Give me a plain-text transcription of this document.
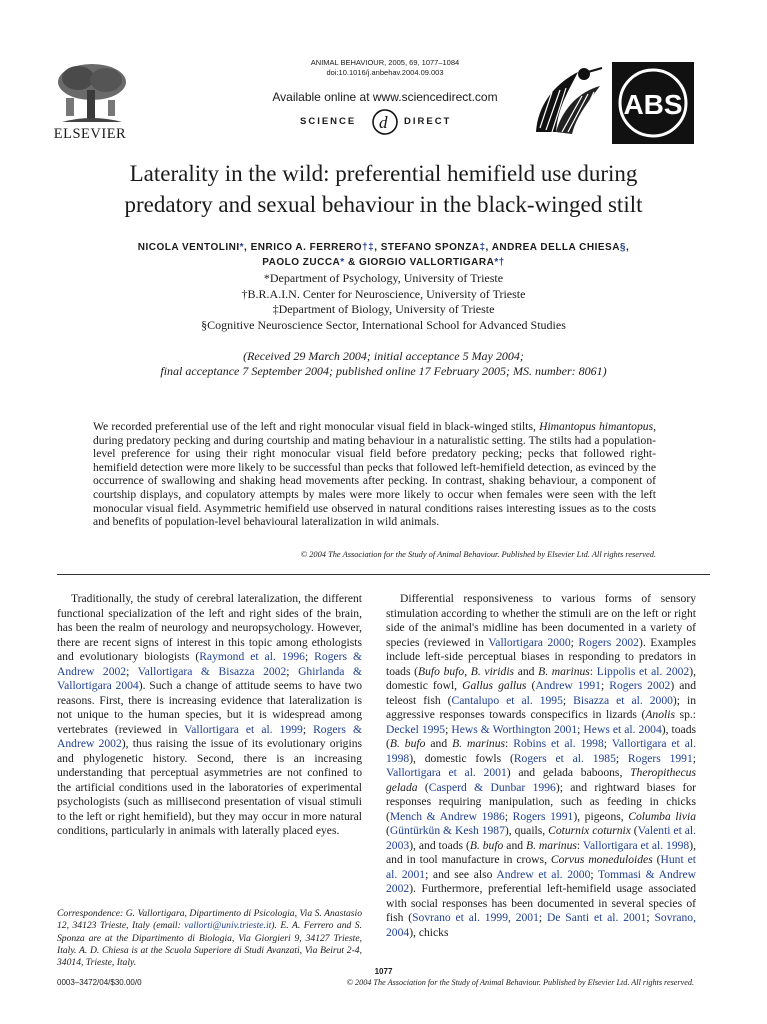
ELSEVIER
ANIMAL BEHAVIOUR, 2005, 69, 1077–1084
doi:10.1016/j.anbehav.2004.09.003
Available online at www.sciencedirect.com
SCIENCE d DIRECT
ABS
Laterality in the wild: preferential hemifield use during
predatory and sexual behaviour in the black-winged stilt
NICOLA VENTOLINI*, ENRICO A. FERRERO†‡, STEFANO SPONZA‡, ANDREA DELLA CHIESA§,
PAOLO ZUCCA* & GIORGIO VALLORTIGARA*†
*Department of Psychology, University of Trieste
†B.R.A.I.N. Center for Neuroscience, University of Trieste
‡Department of Biology, University of Trieste
§Cognitive Neuroscience Sector, International School for Advanced Studies
(Received 29 March 2004; initial acceptance 5 May 2004;
final acceptance 7 September 2004; published online 17 February 2005; MS. number: 8061)
We recorded preferential use of the left and right monocular visual field in black-winged stilts, Himantopus himantopus, during predatory pecking and during courtship and mating behaviour in a naturalistic setting. The stilts had a population-level preference for using their right monocular visual field before predatory pecking; pecks that followed right-hemifield detection were more likely to be successful than pecks that followed left-hemifield detection, as evinced by the occurrence of swallowing and shaking head movements after pecking. In contrast, shaking behaviour, a component of courtship displays, and copulatory attempts by males were more likely to occur when females were seen with the left monocular visual field. Asymmetric hemifield use observed in natural conditions raises interesting issues as to the costs and benefits of population-level behavioural lateralization in wild animals.
© 2004 The Association for the Study of Animal Behaviour. Published by Elsevier Ltd. All rights reserved.

Traditionally, the study of cerebral lateralization, the different functional specialization of the left and right sides of the brain, has been the realm of neurology and neuropsychology. However, there are recent signs of interest in this topic among ethologists and evolutionary biologists (Raymond et al. 1996; Rogers & Andrew 2002; Vallortigara & Bisazza 2002; Ghirlanda & Vallortigara 2004). Such a change of attitude seems to have two reasons. First, there is increasing evidence that lateralization is not unique to the human species, but it is widespread among vertebrates (reviewed in Vallortigara et al. 1999; Rogers & Andrew 2002), thus raising the issue of its evolutionary origins and phylogenetic history. Second, there is an increasing understanding that perceptual asymmetries are not confined to the artificial conditions used in the laboratories of experimental psychologists (such as millisecond presentation of visual stimuli to the left or right hemifield), but they may occur in more natural conditions, particularly in animals with laterally placed eyes.

Correspondence: G. Vallortigara, Dipartimento di Psicologia, Via S. Anastasio 12, 34123 Trieste, Italy (email: vallorti@univ.trieste.it). E. A. Ferrero and S. Sponza are at the Dipartimento di Biologia, Via Giorgieri 9, 34127 Trieste, Italy. A. D. Chiesa is at the Scuola Superiore di Studi Avanzati, Via Beirut 2-4, 34014, Trieste, Italy.

Differential responsiveness to various forms of sensory stimulation according to whether the stimuli are on the left or right side of the animal's midline has been documented in a variety of species (reviewed in Vallortigara 2000; Rogers 2002). Examples include left-side perceptual biases in responding to predators in toads (Bufo bufo, B. viridis and B. marinus: Lippolis et al. 2002), domestic fowl, Gallus gallus (Andrew 1991; Rogers 2002) and teleost fish (Cantalupo et al. 1995; Bisazza et al. 2000); in aggressive responses towards conspecifics in lizards (Anolis sp.: Deckel 1995; Hews & Worthington 2001; Hews et al. 2004), toads (B. bufo and B. marinus: Robins et al. 1998; Vallortigara et al. 1998), domestic fowls (Rogers et al. 1985; Rogers 1991; Vallortigara et al. 2001) and gelada baboons, Theropithecus gelada (Casperd & Dunbar 1996); and rightward biases for responses requiring manipulation, such as feeding in chicks (Mench & Andrew 1986; Rogers 1991), pigeons, Columba livia (Güntürkün & Kesh 1987), quails, Coturnix coturnix (Valenti et al. 2003), and toads (B. bufo and B. marinus: Vallortigara et al. 1998), and in tool manufacture in crows, Corvus moneduloides (Hunt et al. 2001; and see also Andrew et al. 2000; Tommasi & Andrew 2002). Furthermore, preferential left-hemifield usage associated with social responses has been documented in several species of fish (Sovrano et al. 1999, 2001; De Santi et al. 2001; Sovrano, 2004), chicks

1077
0003–3472/04/$30.00/0	© 2004 The Association for the Study of Animal Behaviour. Published by Elsevier Ltd. All rights reserved.
